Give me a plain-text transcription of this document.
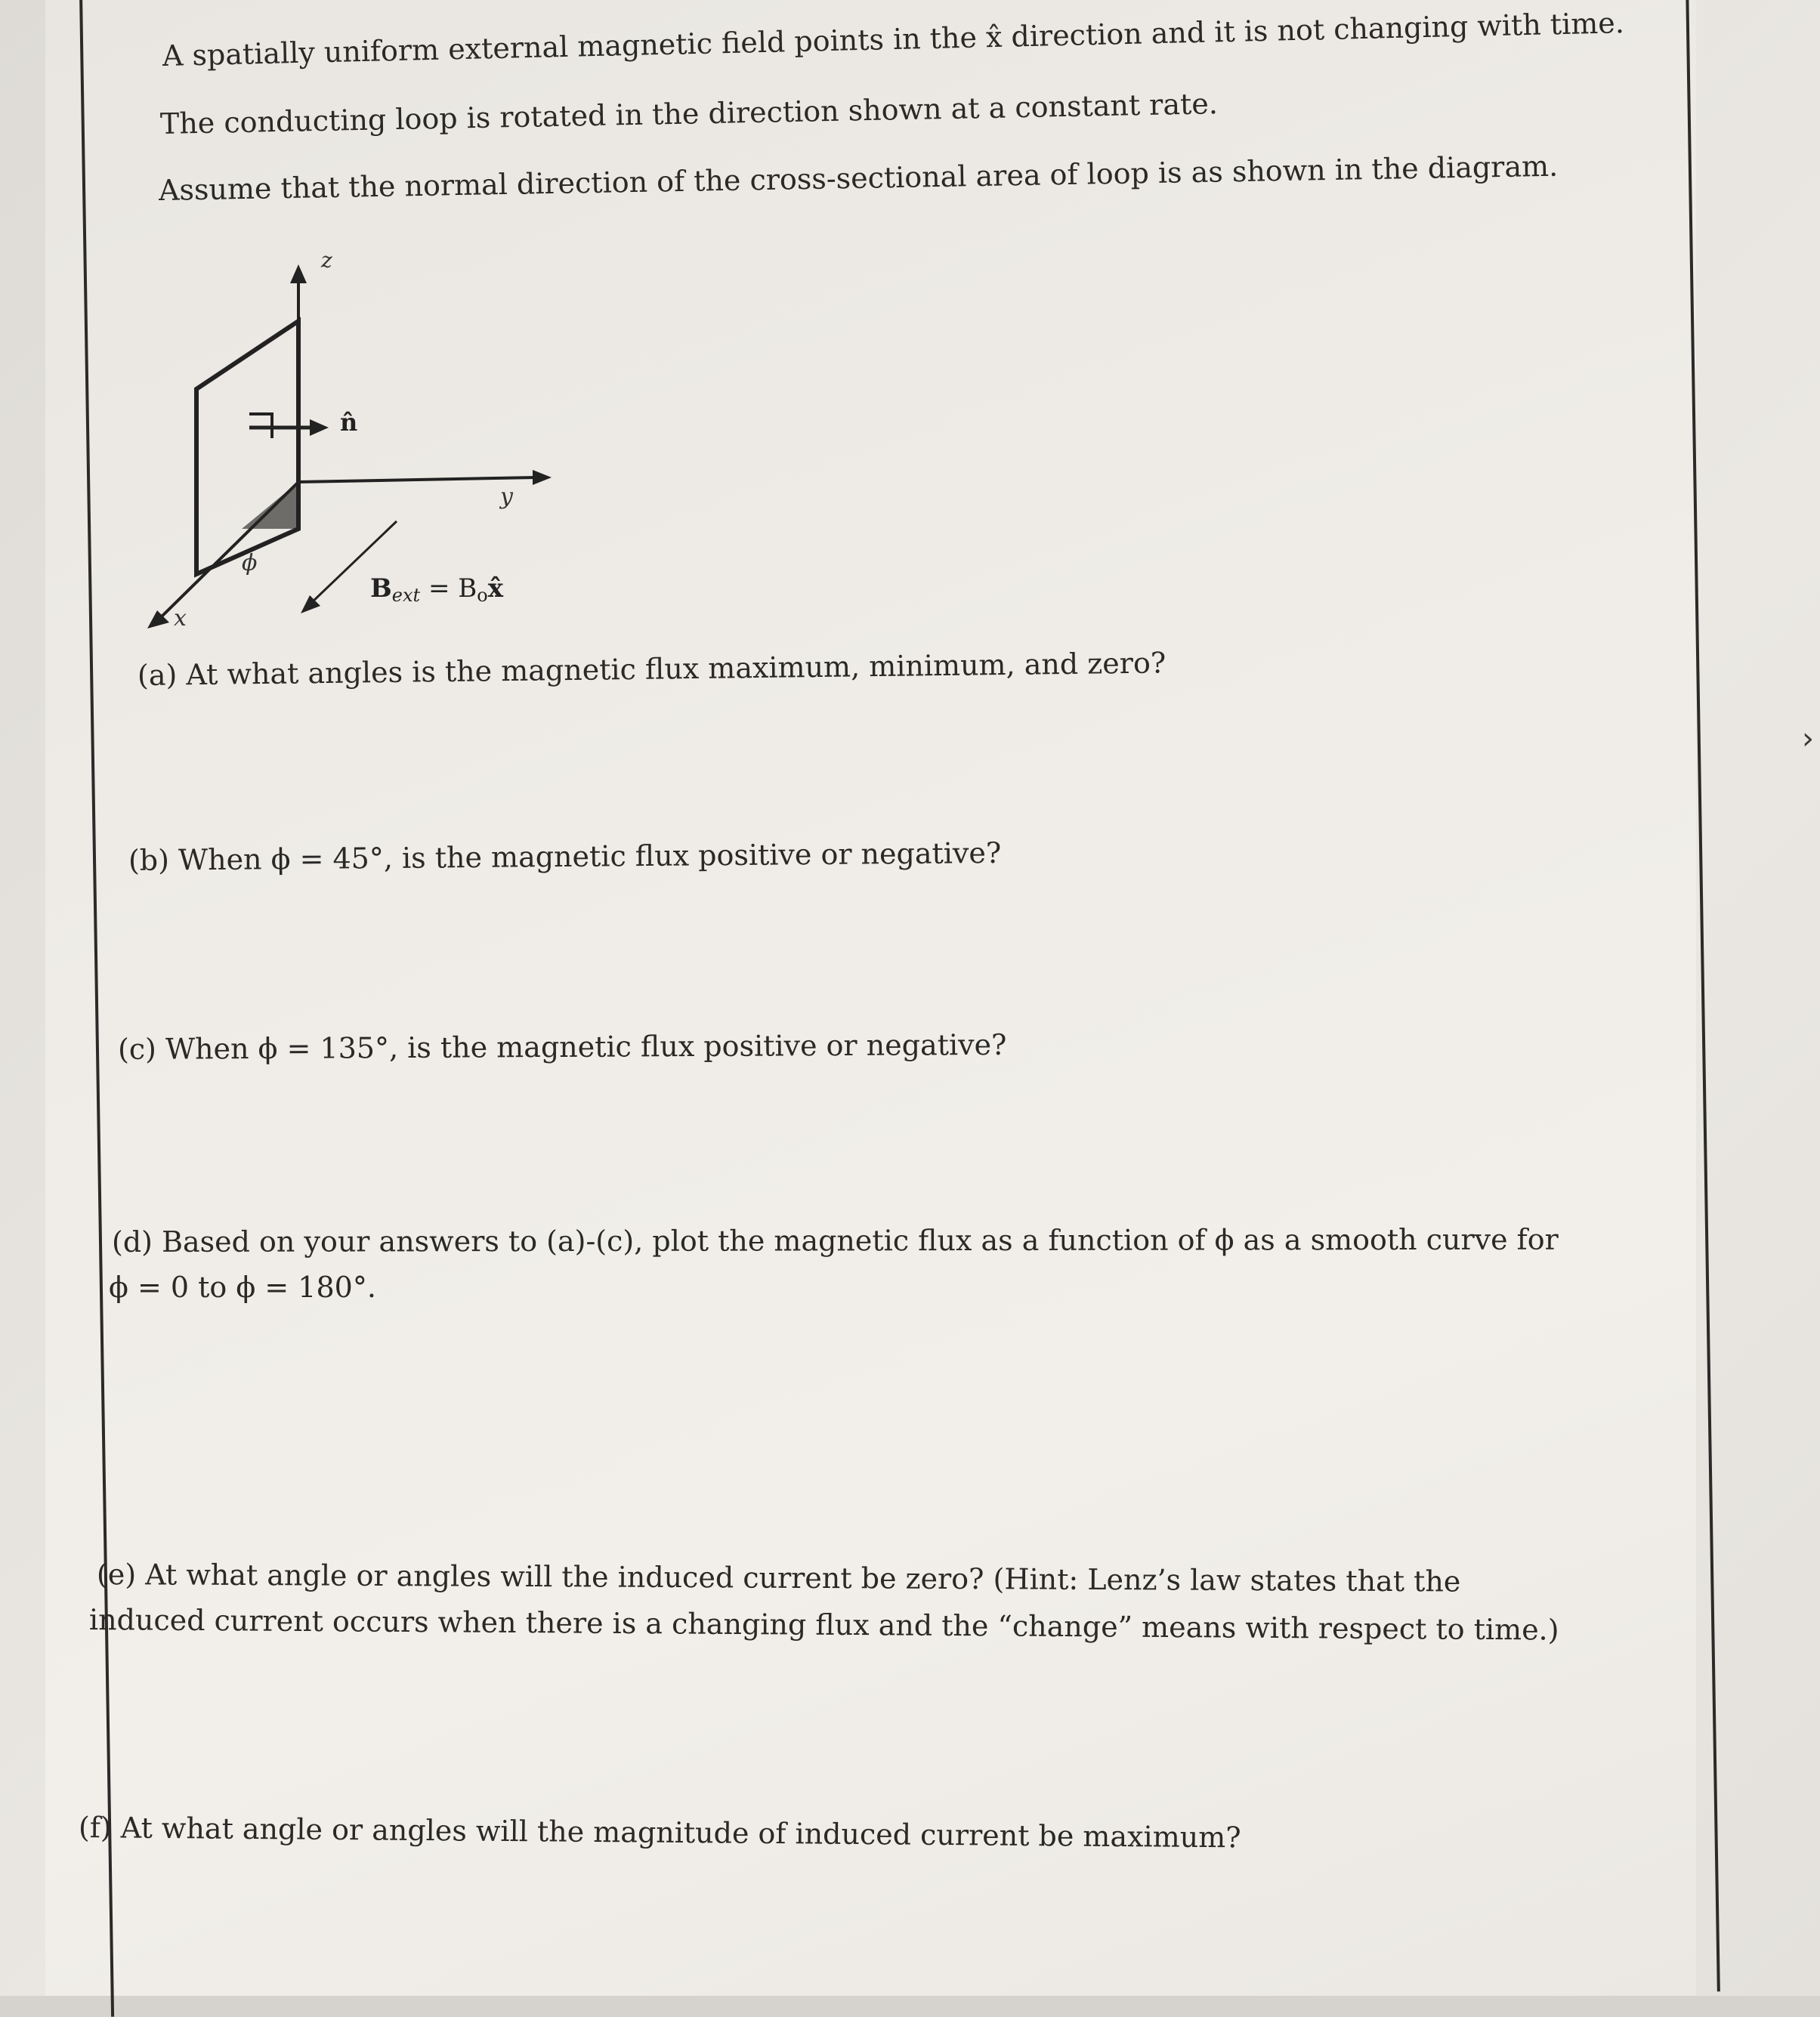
A spatially uniform external magnetic field points in the x̂ direction and it is not changing with time.
The conducting loop is rotated in the direction shown at a constant rate.
Assume that the normal direction of the cross-sectional area of loop is as shown in the diagram.
z
y
x
n̂
ϕ
Bext = Box̂
(a) At what angles is the magnetic flux maximum, minimum, and zero?
(b) When ϕ = 45°, is the magnetic flux positive or negative?
(c) When ϕ = 135°, is the magnetic flux positive or negative?
(d) Based on your answers to (a)-(c), plot the magnetic flux as a function of ϕ as a smooth curve for
ϕ = 0 to ϕ = 180°.
(e) At what angle or angles will the induced current be zero? (Hint: Lenz’s law states that the
induced current occurs when there is a changing flux and the “change” means with respect to time.)
(f) At what angle or angles will the magnitude of induced current be maximum?
›
